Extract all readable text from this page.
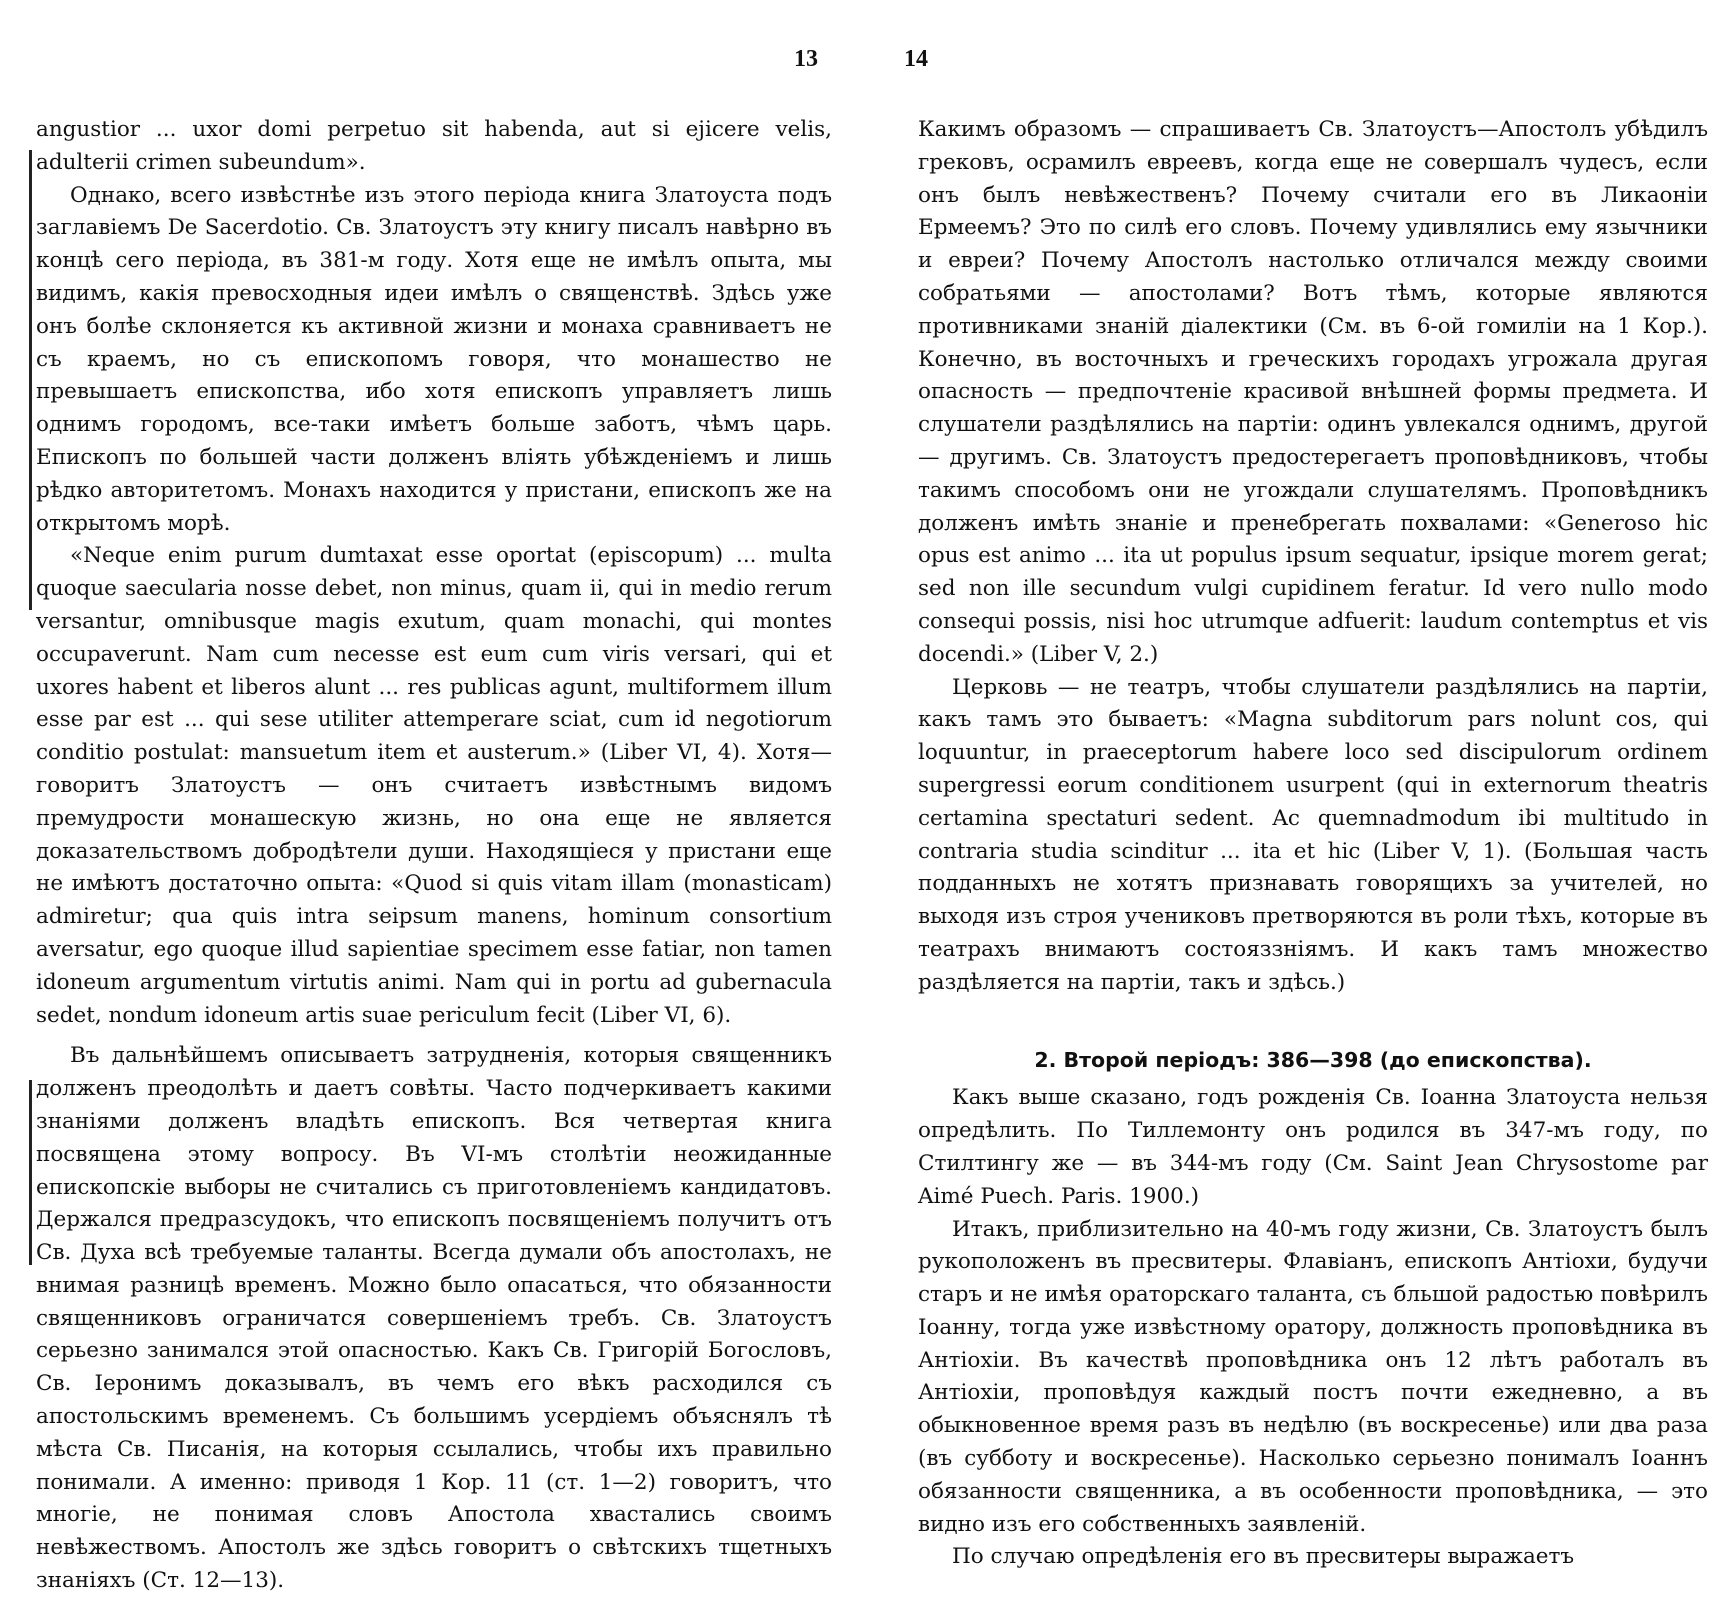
13

angustior ... uxor domi perpetuo sit habenda, aut si ejicere velis, adulterii crimen subeundum».

Однако, всего извѣстнѣе изъ этого періода книга Златоуста подъ заглавіемъ De Sacerdotio. Св. Златоустъ эту книгу писалъ навѣрно въ концѣ сего періода, въ 381-м году. Хотя еще не имѣлъ опыта, мы видимъ, какія превосходныя идеи имѣлъ о священствѣ. Здѣсь уже онъ болѣе склоняется къ активной жизни и монаха сравниваетъ не съ краемъ, но съ епископомъ говоря, что монашество не превышаетъ епископства, ибо хотя епископъ управляетъ лишь однимъ городомъ, все-таки имѣетъ больше заботъ, чѣмъ царь. Епископъ по большей части долженъ влiять убѣжденіемъ и лишь рѣдко авторитетомъ. Монахъ находится у пристани, епископъ же на открытомъ морѣ.

«Neque enim purum dumtaxat esse oportat (episcopum) ... multa quoque saecularia nosse debet, non minus, quam ii, qui in medio rerum versantur, omnibusque magis exutum, quam monachi, qui montes occupaverunt. Nam cum necesse est eum cum viris versari, qui et uxores habent et liberos alunt ... res publicas agunt, multiformem illum esse par est ... qui sese utiliter attemperare sciat, cum id negotiorum conditio postulat: mansuetum item et austerum.» (Liber VI, 4). Хотя—говоритъ Златоустъ — онъ считаетъ извѣстнымъ видомъ премудрости монашескую жизнь, но она еще не является доказательствомъ добродѣтели души. Находящіеся у пристани еще не имѣютъ достаточно опыта: «Quod si quis vitam illam (monasticam) admiretur; qua quis intra seipsum manens, hominum consortium aversatur, ego quoque illud sapientiae specimem esse fatiar, non tamen idoneum argumentum virtutis animi. Nam qui in portu ad gubernacula sedet, nondum idoneum artis suae periculum fecit (Liber VI, 6).

Въ дальнѣйшемъ описываетъ затрудненія, которыя священникъ долженъ преодолѣть и даетъ совѣты. Часто подчеркиваетъ какими знаніями долженъ владѣть епископъ. Вся четвертая книга посвящена этому вопросу. Въ VI-мъ столѣтіи неожиданные епископскіе выборы не считались съ приготовленіемъ кандидатовъ. Держался предразсудокъ, что епископъ посвященіемъ получитъ отъ Св. Духа всѣ требуемые таланты. Всегда думали объ апостолахъ, не внимая разницѣ временъ. Можно было опасаться, что обязанности священниковъ ограничатся совершеніемъ требъ. Св. Златоустъ серьезно занимался этой опасностью. Какъ Св. Григорій Богословъ, Св. Іеронимъ доказывалъ, въ чемъ его вѣкъ расходился съ апостольскимъ временемъ. Съ большимъ усердіемъ объяснялъ тѣ мѣста Св. Писанія, на которыя ссылались, чтобы ихъ правильно понимали. А именно: приводя 1 Кор. 11 (ст. 1—2) говоритъ, что многіе, не понимая словъ Апостола хвастались своимъ невѣжествомъ. Апостолъ же здѣсь говоритъ о свѣтскихъ тщетныхъ знаніяхъ (Ст. 12—13).

14

Какимъ образомъ — спрашиваетъ Св. Златоустъ—Апостолъ убѣдилъ грековъ, осрамилъ евреевъ, когда еще не совершалъ чудесъ, если онъ былъ невѣжественъ? Почему считали его въ Ликаоніи Ермеемъ? Это по силѣ его словъ. Почему удивлялись ему язычники и евреи? Почему Апостолъ настолько отличался между своими собратьями — апостолами? Вотъ тѣмъ, которые являются противниками знаній діалектики (См. въ 6-ой гомиліи на 1 Кор.). Конечно, въ восточныхъ и греческихъ городахъ угрожала другая опасность — предпочтеніе красивой внѣшней формы предмета. И слушатели раздѣлялись на партіи: одинъ увлекался однимъ, другой — другимъ. Св. Златоустъ предостерегаетъ проповѣдниковъ, чтобы такимъ способомъ они не угождали слушателямъ. Проповѣдникъ долженъ имѣть знаніе и пренебрегать похвалами: «Generoso hic opus est animo ... ita ut populus ipsum sequatur, ipsique morem gerat; sed non ille secundum vulgi cupidinem feratur. Id vero nullo modo consequi possis, nisi hoc utrumque adfuerit: laudum contemptus et vis docendi.» (Liber V, 2.)

Церковь — не театръ, чтобы слушатели раздѣлялись на партіи, какъ тамъ это бываетъ: «Magna subditorum pars nolunt cos, qui loquuntur, in praeceptorum habere loco sed discipulorum ordinem supergressi eorum conditionem usurpent (qui in externorum theatris certamina spectaturi sedent. Ac quemnadmodum ibi multitudo in contraria studia scinditur ... ita et hic (Liber V, 1). (Большая часть подданныхъ не хотятъ признавать говорящихъ за учителей, но выходя изъ строя учениковъ претворяются въ роли тѣхъ, которые въ театрахъ внимаютъ состояззніямъ. И какъ тамъ множество раздѣляется на партіи, такъ и здѣсь.)

2. Второй періодъ: 386—398 (до епископства).

Какъ выше сказано, годъ рожденія Св. Іоанна Златоуста нельзя опредѣлить. По Тиллемонту онъ родился въ 347-мъ году, по Стилтингу же — въ 344-мъ году (См. Saint Jean Chrysostome par Aimé Puech. Paris. 1900.)

Итакъ, приблизительно на 40-мъ году жизни, Св. Златоустъ былъ рукоположенъ въ пресвитеры. Флавіанъ, епископъ Антіохи, будучи старъ и не имѣя ораторскаго таланта, съ бльшой радостью повѣрилъ Іоанну, тогда уже извѣстному оратору, должность проповѣдника въ Антіохіи. Въ качествѣ проповѣдника онъ 12 лѣтъ работалъ въ Антіохіи, проповѣдуя каждый постъ почти ежедневно, а въ обыкновенное время разъ въ недѣлю (въ воскресенье) или два раза (въ субботу и воскресенье). Насколько серьезно понималъ Іоаннъ обязанности священника, а въ особенности проповѣдника, — это видно изъ его собственныхъ заявленій.

По случаю опредѣленія его въ пресвитеры выражаетъ
